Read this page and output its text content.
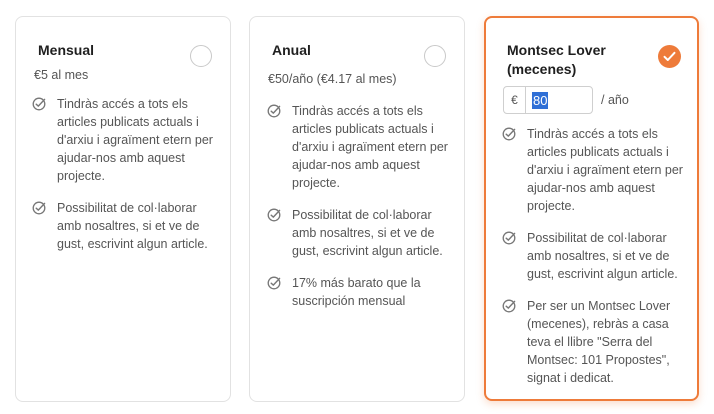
Mensual
€5 al mes
Tindràs accés a tots els articles publicats actuals i d'arxiu i agraïment etern per ajudar-nos amb aquest projecte.
Possibilitat de col·laborar amb nosaltres, si et ve de gust, escrivint algun article.
Anual
€50/año (€4.17 al mes)
Tindràs accés a tots els articles publicats actuals i d'arxiu i agraïment etern per ajudar-nos amb aquest projecte.
Possibilitat de col·laborar amb nosaltres, si et ve de gust, escrivint algun article.
17% más barato que la suscripción mensual
Montsec Lover (mecenes)
€
80	80	/ año
Tindràs accés a tots els articles publicats actuals i d'arxiu i agraïment etern per ajudar-nos amb aquest projecte.
Possibilitat de col·laborar amb nosaltres, si et ve de gust, escrivint algun article.
Per ser un Montsec Lover (mecenes), rebràs a casa teva el llibre "Serra del Montsec: 101 Propostes", signat i dedicat.
